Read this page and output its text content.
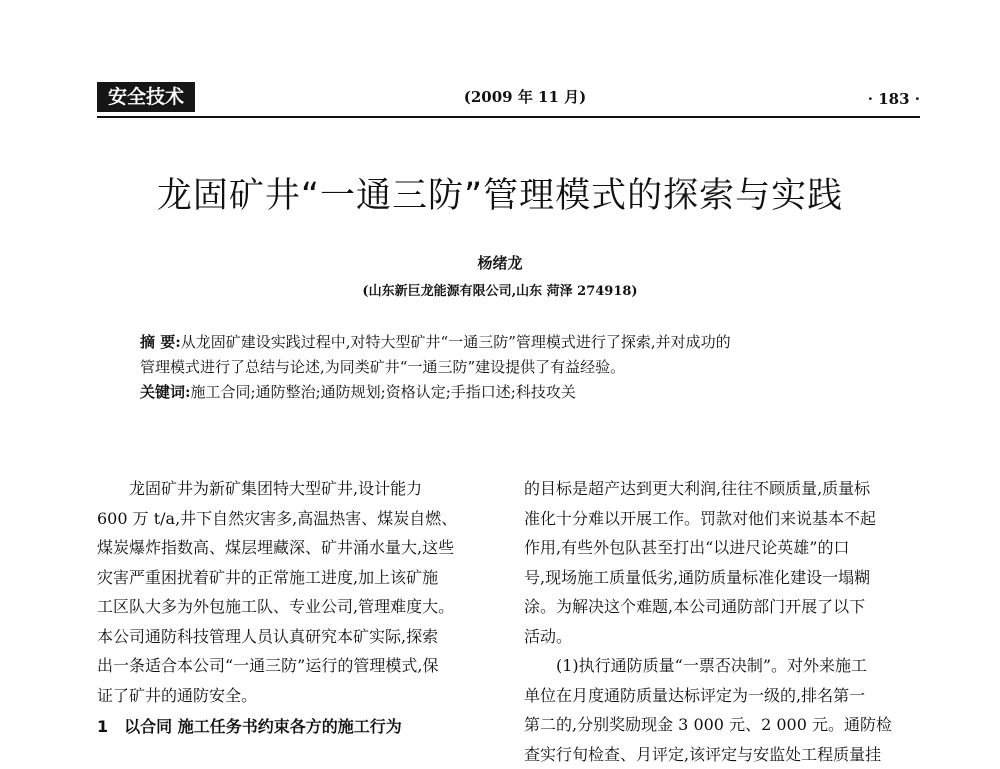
安全技术	(2009 年 11 月)	· 183 ·
龙固矿井“一通三防”管理模式的探索与实践
杨绪龙
(山东新巨龙能源有限公司,山东 菏泽 274918)

摘 要:从龙固矿建设实践过程中,对特大型矿井“一通三防”管理模式进行了探索,并对成功的

管理模式进行了总结与论述,为同类矿井“一通三防”建设提供了有益经验。

关键词:施工合同;通防整治;通防规划;资格认定;手指口述;科技攻关

　　龙固矿井为新矿集团特大型矿井,设计能力

600 万 t/a,井下自然灾害多,高温热害、煤炭自燃、

煤炭爆炸指数高、煤层埋藏深、矿井涌水量大,这些

灾害严重困扰着矿井的正常施工进度,加上该矿施

工区队大多为外包施工队、专业公司,管理难度大。

本公司通防科技管理人员认真研究本矿实际,探索

出一条适合本公司“一通三防”运行的管理模式,保

证了矿井的通防安全。

1 以合同 施工任务书约束各方的施工行为

的目标是超产达到更大利润,往往不顾质量,质量标

准化十分难以开展工作。罚款对他们来说基本不起

作用,有些外包队甚至打出“以进尺论英雄”的口

号,现场施工质量低劣,通防质量标准化建设一塌糊

涂。为解决这个难题,本公司通防部门开展了以下

活动。

　　(1)执行通防质量“一票否决制”。对外来施工

单位在月度通防质量达标评定为一级的,排名第一

第二的,分别奖励现金 3 000 元、2 000 元。通防检

查实行旬检查、月评定,该评定与安监处工程质量挂
